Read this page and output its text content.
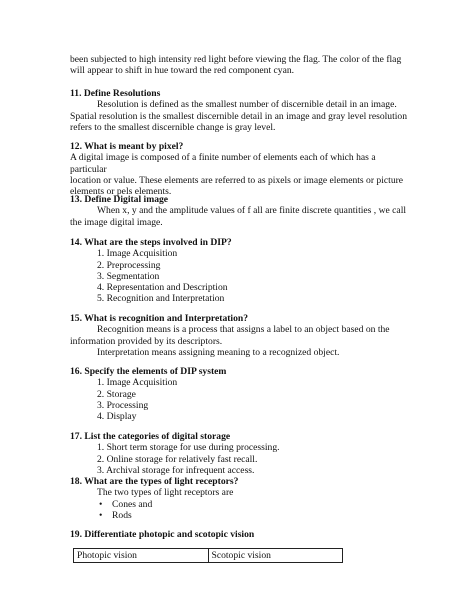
been subjected to high intensity red light before viewing the flag. The color of the flag

will appear to shift in hue toward the red component cyan.

11. Define Resolutions

Resolution is defined as the smallest number of discernible detail in an image.

Spatial resolution is the smallest discernible detail in an image and gray level resolution

refers to the smallest discernible change is gray level.

12. What is meant by pixel?

A digital image is composed of a finite number of elements each of which has a particular

location or value. These elements are referred to as pixels or image elements or picture

elements or pels elements.

13. Define Digital image

When x, y and the amplitude values of f all are finite discrete quantities , we call

the image digital image.

14. What are the steps involved in DIP?

1. Image Acquisition
2. Preprocessing
3. Segmentation
4. Representation and Description
5. Recognition and Interpretation

15. What is recognition and Interpretation?

Recognition means is a process that assigns a label to an object based on the

information provided by its descriptors.

Interpretation means assigning meaning to a recognized object.

16. Specify the elements of DIP system

1. Image Acquisition
2. Storage
3. Processing
4. Display

17. List the categories of digital storage

1. Short term storage for use during processing.
2. Online storage for relatively fast recall.
3. Archival storage for infrequent access.

18. What are the types of light receptors?

The two types of light receptors are

• Cones and
• Rods

19. Differentiate photopic and scotopic vision

Photopic vision	Scotopic vision
